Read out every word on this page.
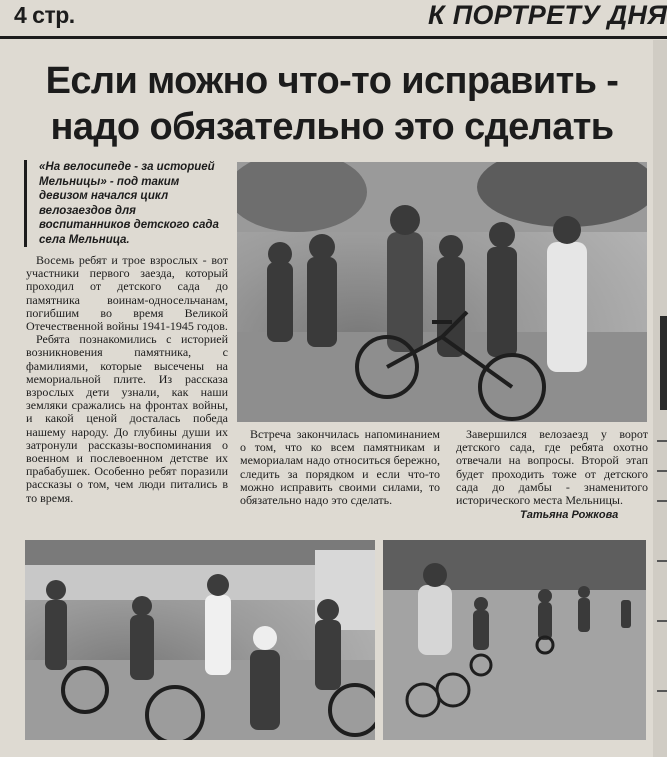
4 стр.	К ПОРТРЕТУ ДНЯ
Если можно что-то исправить -
надо обязательно это сделать
«На велосипеде - за историей Мельницы» - под таким девизом начался цикл велозаездов для воспитанников детского сада села Мельница.

Восемь ребят и трое взрослых - вот участники первого заезда, который проходил от детского сада до памятника воинам-односельчанам, погибшим во время Великой Отечественной войны 1941-1945 годов.

Ребята познакомились с историей возникновения памятника, с фамилиями, которые высечены на мемориальной плите. Из рассказа взрослых дети узнали, как наши земляки сражались на фронтах войны, и какой ценой досталась победа нашему народу. До глубины души их затронули рассказы-воспоминания о военном и послевоенном детстве их прабабушек. Особенно ребят поразили рассказы о том, чем люди питались в то время.

Встреча закончилась напоминанием о том, что ко всем памятникам и мемориалам надо относиться бережно, следить за порядком и если что-то можно исправить своими силами, то обязательно надо это сделать.

Завершился велозаезд у ворот детского сада, где ребята охотно отвечали на вопросы. Второй этап будет проходить тоже от детского сада до дамбы - знаменитого исторического места Мельницы.

Татьяна Рожкова
